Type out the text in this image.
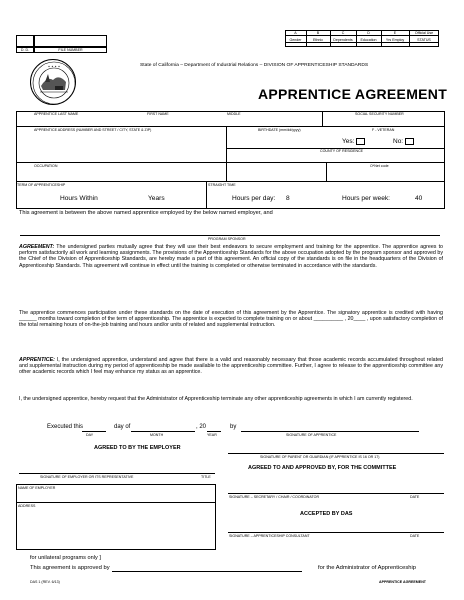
D. D.	FILE NUMBER
A	B	C	D	E	Official Use
Gender	Ethnic	Dependents	Education	Yrs Employ	STATUS
✦ ✦ ✦ ✦	State of California – Department of Industrial Relations – DIVISION OF APPRENTICESHIP STANDARDS
APPRENTICE AGREEMENT
APPRENTICE LAST NAME	FIRST NAME	MIDDLE	SOCIAL SECURITY NUMBER
APPRENTICE ADDRESS (NUMBER AND STREET / CITY, STATE & ZIP)	BIRTHDATE (mm/dd/yyyy)	F - VETERAN
Yes:	No:
COUNTY OF RESIDENCE
OCCUPATION	O*Net code
TERM OF APPRENTICESHIP	STRAIGHT TIME
Hours Within	Years	Hours per day: 8	Hours per week:	40
This agreement is between the above named apprentice employed by the below named employer, and
PROGRAM SPONSOR
AGREEMENT: The undersigned parties mutually agree that they will use their best endeavors to secure employment and training for the apprentice. The apprentice agrees to perform satisfactorily all work and learning assignments. The provisions of the Apprenticeship Standards for the above occupation adopted by the program sponsor and approved by the Chief of the Division of Apprenticeship Standards, are hereby made a part of this agreement. An official copy of the standards is on file in the headquarters of the Division of Apprenticeship Standards. This agreement will continue in effect until the training is completed or otherwise terminated in accordance with the standards.
The apprentice commences participation under these standards on the date of execution of this agreement by the Apprentice. The signatory apprentice is credited with having ______ months toward completion of the term of apprenticeship. The apprentice is expected to complete training on or about __________ , 20____ , upon satisfactory completion of the total remaining hours of on-the-job training and hours and/or units of related and supplemental instruction.
APPRENTICE: I, the undersigned apprentice, understand and agree that there is a valid and reasonably necessary that those academic records accumulated throughout related and supplemental instruction during my period of apprenticeship be made available to the apprenticeship committee. Further, I agree to release to the apprenticeship committee any other academic records which I feel may enhance my status as an apprentice.
I, the undersigned apprentice, hereby request that the Administrator of Apprenticeship terminate any other apprenticeship agreements in which I am currently registered.
Executed this	day of	, 20	by
DAY	MONTH	YEAR	SIGNATURE OF APPRENTICE
AGREED TO BY THE EMPLOYER
SIGNATURE OF PARENT OR GUARDIAN (IF APPRENTICE IS 16 OR 17)
AGREED TO AND APPROVED BY, FOR THE COMMITTEE
SIGNATURE OF EMPLOYER OR ITS REPRESENTATIVE	TITLE
NAME OF EMPLOYER
ADDRESS
SIGNATURE – SECRETARY / CHAIR / COORDINATOR	DATE
ACCEPTED BY DAS
SIGNATURE – APPRENTICESHIP CONSULTANT	DATE
for unilateral programs only ]
This agreement is approved by	for the Administrator of Apprenticeship
DAS 1 (REV. 6/13)	APPRENTICE AGREEMENT
